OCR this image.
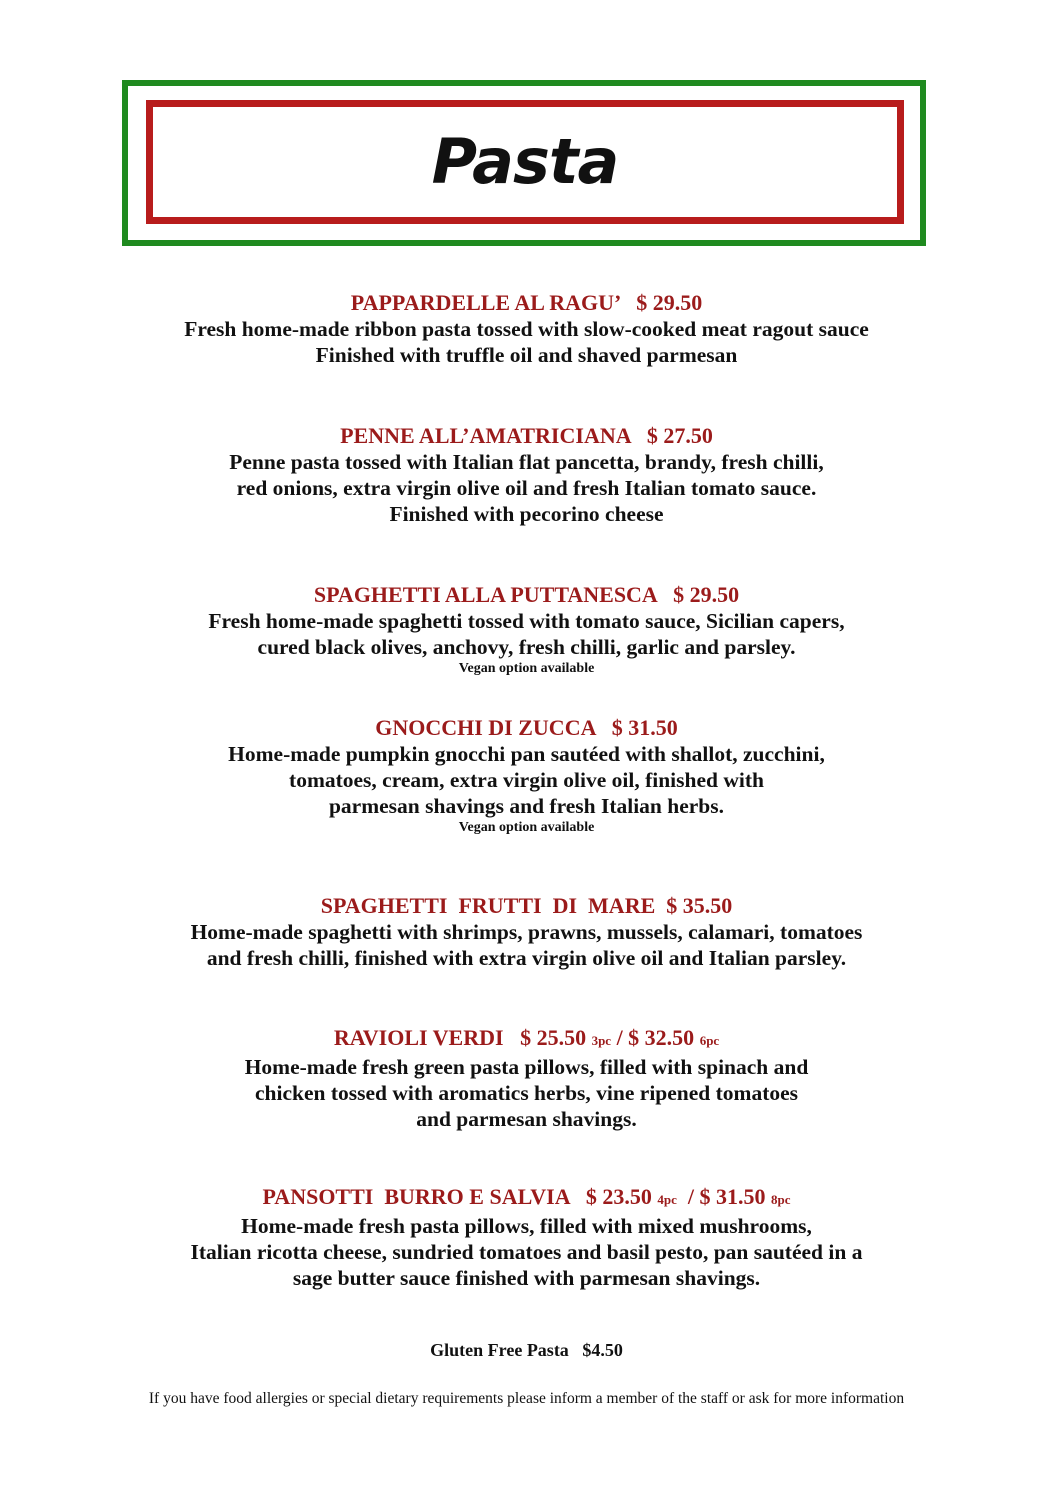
Pasta
PAPPARDELLE AL RAGU’ $ 29.50
Fresh home-made ribbon pasta tossed with slow-cooked meat ragout sauce
Finished with truffle oil and shaved parmesan
PENNE ALL’AMATRICIANA $ 27.50
Penne pasta tossed with Italian flat pancetta, brandy, fresh chilli,
red onions, extra virgin olive oil and fresh Italian tomato sauce.
Finished with pecorino cheese
SPAGHETTI ALLA PUTTANESCA $ 29.50
Fresh home-made spaghetti tossed with tomato sauce, Sicilian capers,
cured black olives, anchovy, fresh chilli, garlic and parsley.
Vegan option available
GNOCCHI DI ZUCCA $ 31.50
Home-made pumpkin gnocchi pan sautéed with shallot, zucchini,
tomatoes, cream, extra virgin olive oil, finished with
parmesan shavings and fresh Italian herbs.
Vegan option available
SPAGHETTI  FRUTTI  DI  MARE $ 35.50
Home-made spaghetti with shrimps, prawns, mussels, calamari, tomatoes
and fresh chilli, finished with extra virgin olive oil and Italian parsley.
RAVIOLI VERDI $ 25.50 3pc / $ 32.50 6pc
Home-made fresh green pasta pillows, filled with spinach and
chicken tossed with aromatics herbs, vine ripened tomatoes
and parmesan shavings.
PANSOTTI  BURRO E SALVIA $ 23.50 4pc  / $ 31.50 8pc
Home-made fresh pasta pillows, filled with mixed mushrooms,
Italian ricotta cheese, sundried tomatoes and basil pesto, pan sautéed in a
sage butter sauce finished with parmesan shavings.
Gluten Free Pasta $4.50
If you have food allergies or special dietary requirements please inform a member of the staff or ask for more information
